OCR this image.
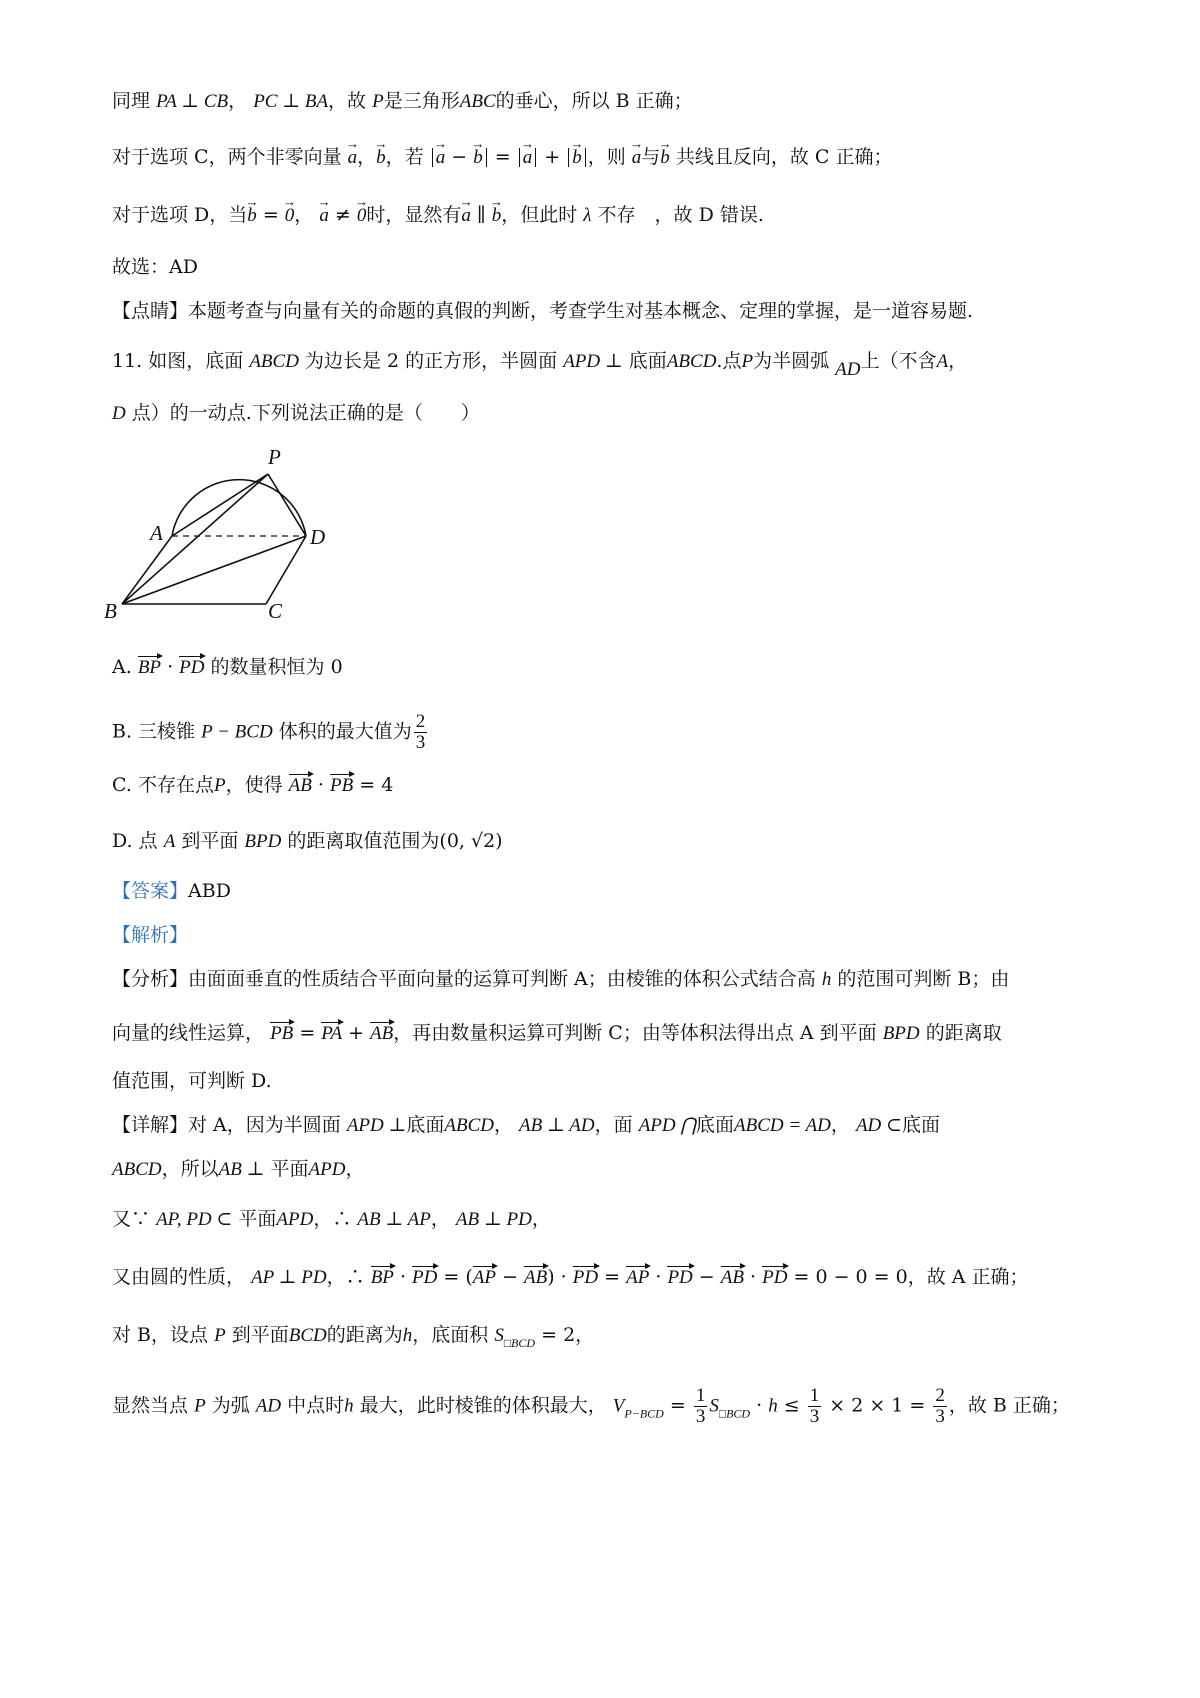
同理 PA ⊥ CB， PC ⊥ BA，故 P是三角形ABC的垂心，所以 B 正确；
对于选项 C，两个非零向量 → a，→ b，若 → a − → b = → a + → b ，则 → a与→ b 共线且反向，故 C 正确；
对于选项 D，当→ b = → 0， → a ≠ → 0时，显然有→ a ∥ → b，但此时 λ 不存　，故 D 错误.
故选：AD
【点睛】本题考查与向量有关的命题的真假的判断，考查学生对基本概念、定理的掌握，是一道容易题.
11. 如图，底面 ABCD 为边长是 2 的正方形，半圆面 APD ⊥ 底面ABCD.点P为半圆弧 AD上（不含A，
D 点）的一动点.下列说法正确的是（　　）
P
A	D
B	C
A. BP · PD 的数量积恒为 0
B. 三棱锥 P − BCD 体积的最大值为 $\frac{2}{3}$
C. 不存在点P，使得 AB · PB = 4
D. 点 A 到平面 BPD 的距离取值范围为(0, √2)
【答案】ABD
【解析】
【分析】由面面垂直的性质结合平面向量的运算可判断 A；由棱锥的体积公式结合高 h 的范围可判断 B；由
向量的线性运算， PB = PA + AB，再由数量积运算可判断 C；由等体积法得出点 A 到平面 BPD 的距离取
值范围，可判断 D.
【详解】对 A，因为半圆面 APD ⊥底面ABCD， AB ⊥ AD，面 APD ⋂底面ABCD = AD， AD ⊂底面
ABCD，所以AB ⊥ 平面APD，
又∵ AP, PD ⊂ 平面APD，∴ AB ⊥ AP， AB ⊥ PD，
又由圆的性质， AP ⊥ PD，∴ BP · PD = (AP − AB) · PD = AP · PD − AB · PD = 0 − 0 = 0，故 A 正确；
对 B，设点 P 到平面BCD的距离为h，底面积 $S_{□BCD} = 2$，
显然当点 P 为弧 AD 中点时h 最大，此时棱锥的体积最大， $V_{P-BCD} = \frac{1}{3} S_{□BCD} \cdot h \le \frac{1}{3} \times 2 \times 1 = \frac{2}{3}$ ，故 B 正确；
